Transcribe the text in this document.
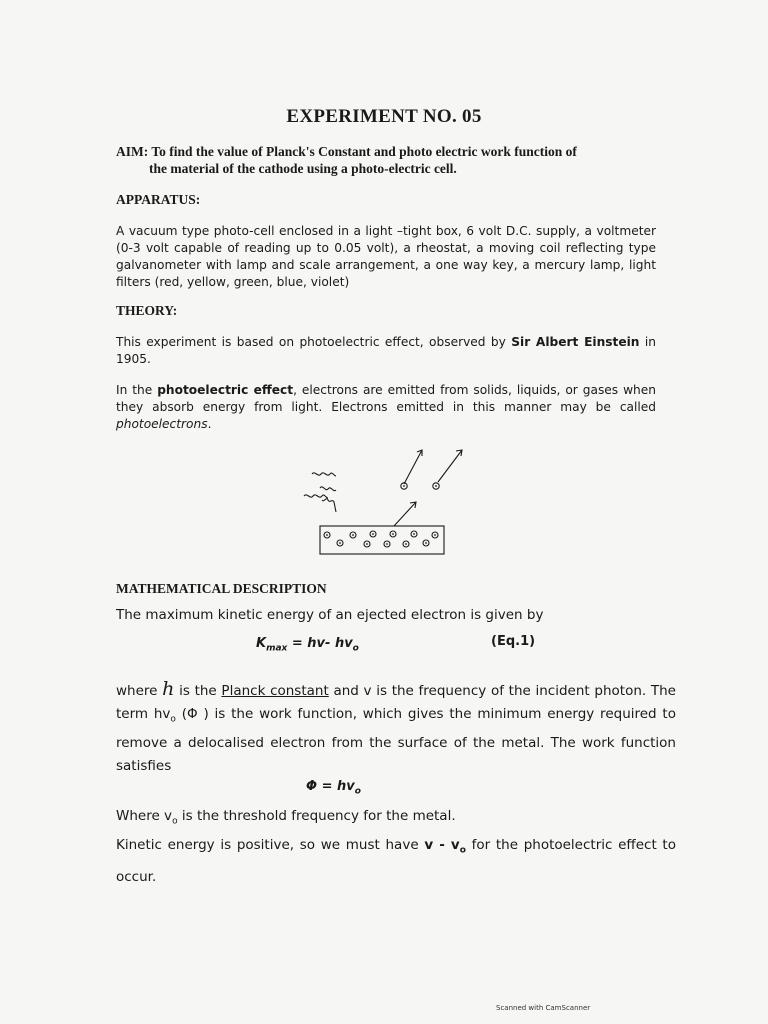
EXPERIMENT NO. 05
AIM: To find the value of Planck's Constant and photo electric work function of
the material of the cathode using a photo-electric cell.
APPARATUS:
A vacuum type photo-cell enclosed in a light –tight box, 6 volt D.C. supply, a voltmeter (0-3 volt capable of reading up to 0.05 volt), a rheostat, a moving coil reflecting type galvanometer with lamp and scale arrangement, a one way key, a mercury lamp, light filters (red, yellow, green, blue, violet)
THEORY:
This experiment is based on photoelectric effect, observed by Sir Albert Einstein in 1905.
In the photoelectric effect, electrons are emitted from solids, liquids, or gases when they absorb energy from light. Electrons emitted in this manner may be called photoelectrons.
MATHEMATICAL DESCRIPTION
The maximum kinetic energy of an ejected electron is given by
$K_{max} = hv-$ $hv_o$	(Eq.1)
where h is the Planck constant and v is the frequency of the incident photon. The term $hv_o$ (Φ ) is the work function, which gives the minimum energy required to remove a delocalised electron from the surface of the metal. The work function satisfies
$\Phi = hv_o$
Where $v_o$ is the threshold frequency for the metal.
Kinetic energy is positive, so we must have v - $v_o$ for the photoelectric effect to occur.
Scanned with CamScanner
